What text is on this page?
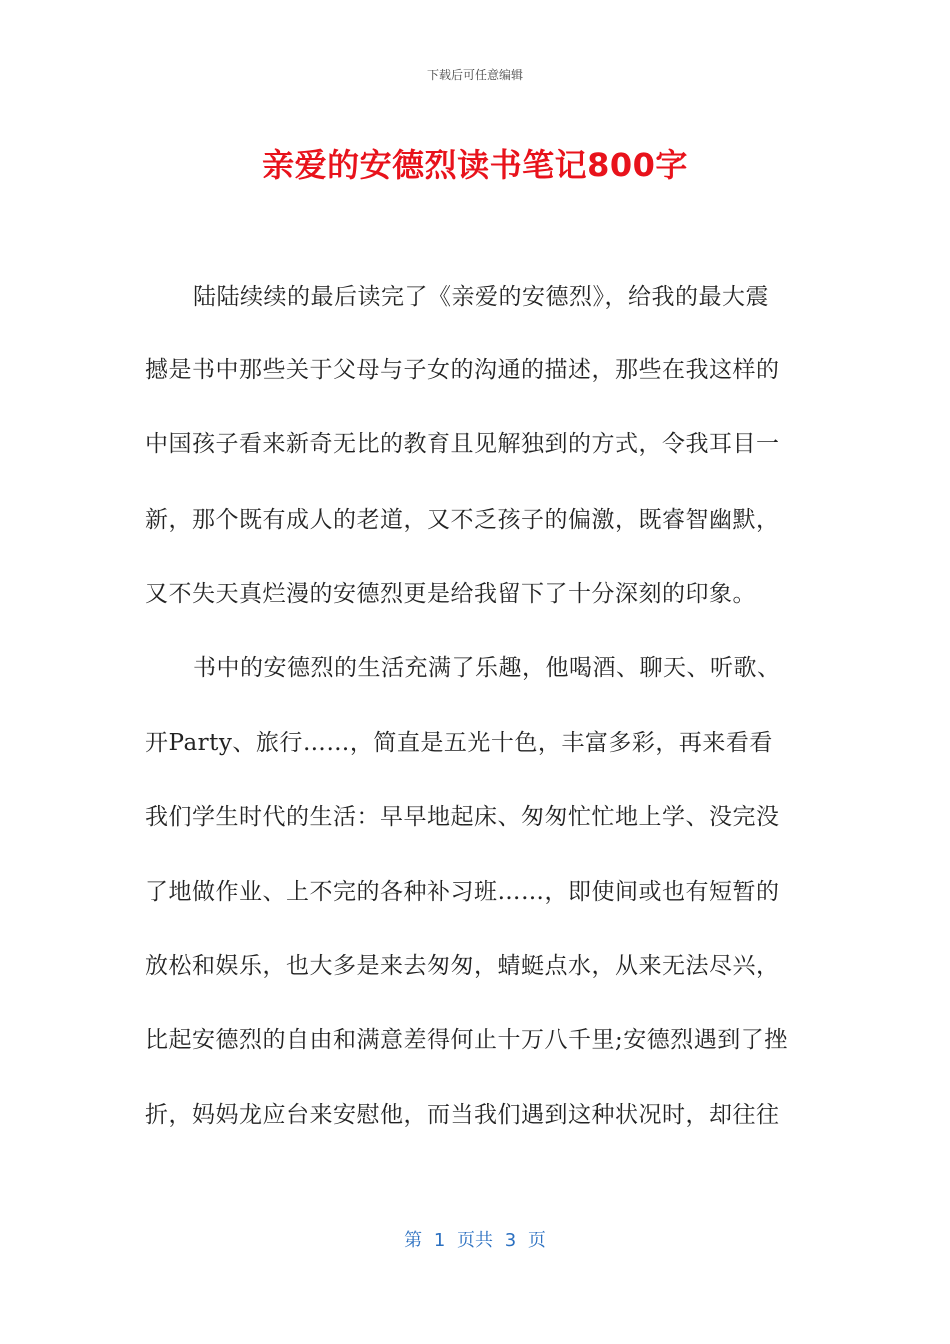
下载后可任意编辑
亲爱的安德烈读书笔记800字
陆陆续续的最后读完了《亲爱的安德烈》，给我的最大震
撼是书中那些关于父母与子女的沟通的描述，那些在我这样的
中国孩子看来新奇无比的教育且见解独到的方式，令我耳目一
新，那个既有成人的老道，又不乏孩子的偏激，既睿智幽默，
又不失天真烂漫的安德烈更是给我留下了十分深刻的印象。
书中的安德烈的生活充满了乐趣，他喝酒、聊天、听歌、
开Party、旅行……，简直是五光十色，丰富多彩，再来看看
我们学生时代的生活：早早地起床、匆匆忙忙地上学、没完没
了地做作业、上不完的各种补习班……，即使间或也有短暂的
放松和娱乐，也大多是来去匆匆，蜻蜓点水，从来无法尽兴，
比起安德烈的自由和满意差得何止十万八千里;安德烈遇到了挫
折，妈妈龙应台来安慰他，而当我们遇到这种状况时，却往往
第 1 页共 3 页
